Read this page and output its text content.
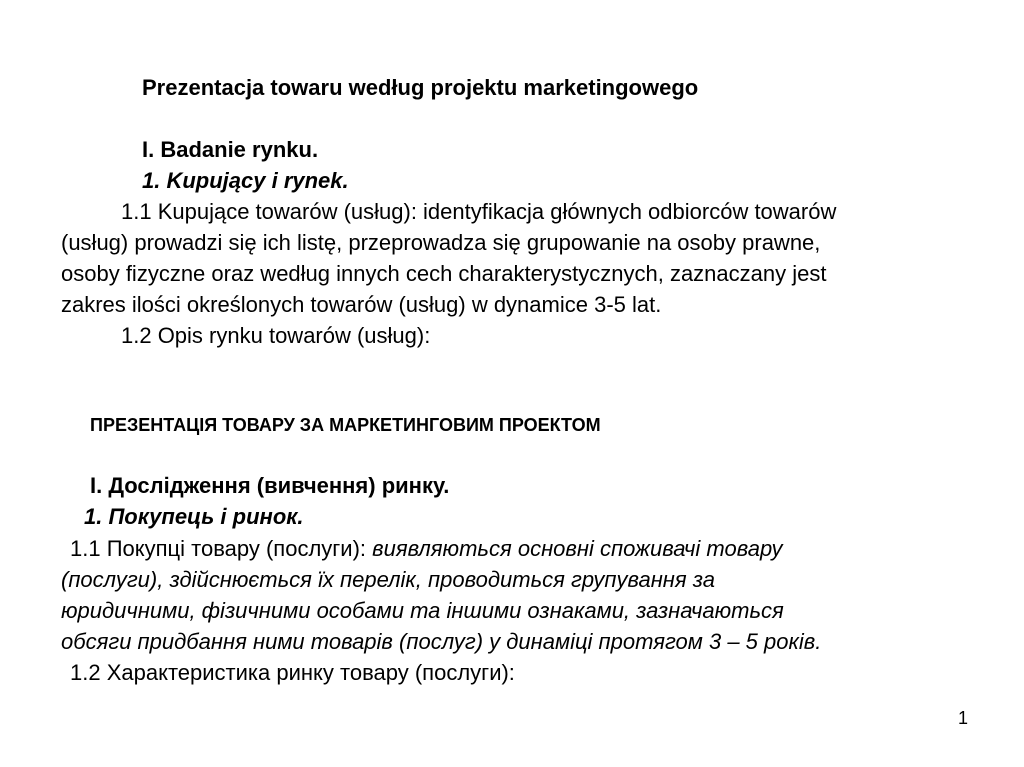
Prezentacja towaru według projektu marketingowego
I. Badanie rynku.
1. Kupujący i rynek.
1.1 Kupujące towarów (usług): identyfikacja głównych odbiorców towarów
(usług) prowadzi się ich listę, przeprowadza się grupowanie na osoby prawne,
osoby fizyczne oraz według innych cech charakterystycznych, zaznaczany jest
zakres ilości określonych towarów (usług) w dynamice 3-5 lat.
1.2 Opis rynku towarów (usług):
ПРЕЗЕНТАЦІЯ ТОВАРУ ЗА МАРКЕТИНГОВИМ ПРОЕКТОМ
І. Дослідження (вивчення) ринку.
1. Покупець і ринок.
1.1 Покупці товару (послуги): виявляються основні споживачі товару
(послуги), здійснюється їх перелік, проводиться групування за
юридичними, фізичними особами та іншими ознаками, зазначаються
обсяги придбання ними товарів (послуг) у динаміці протягом 3 – 5 років.
1.2 Характеристика ринку товару (послуги):
1
